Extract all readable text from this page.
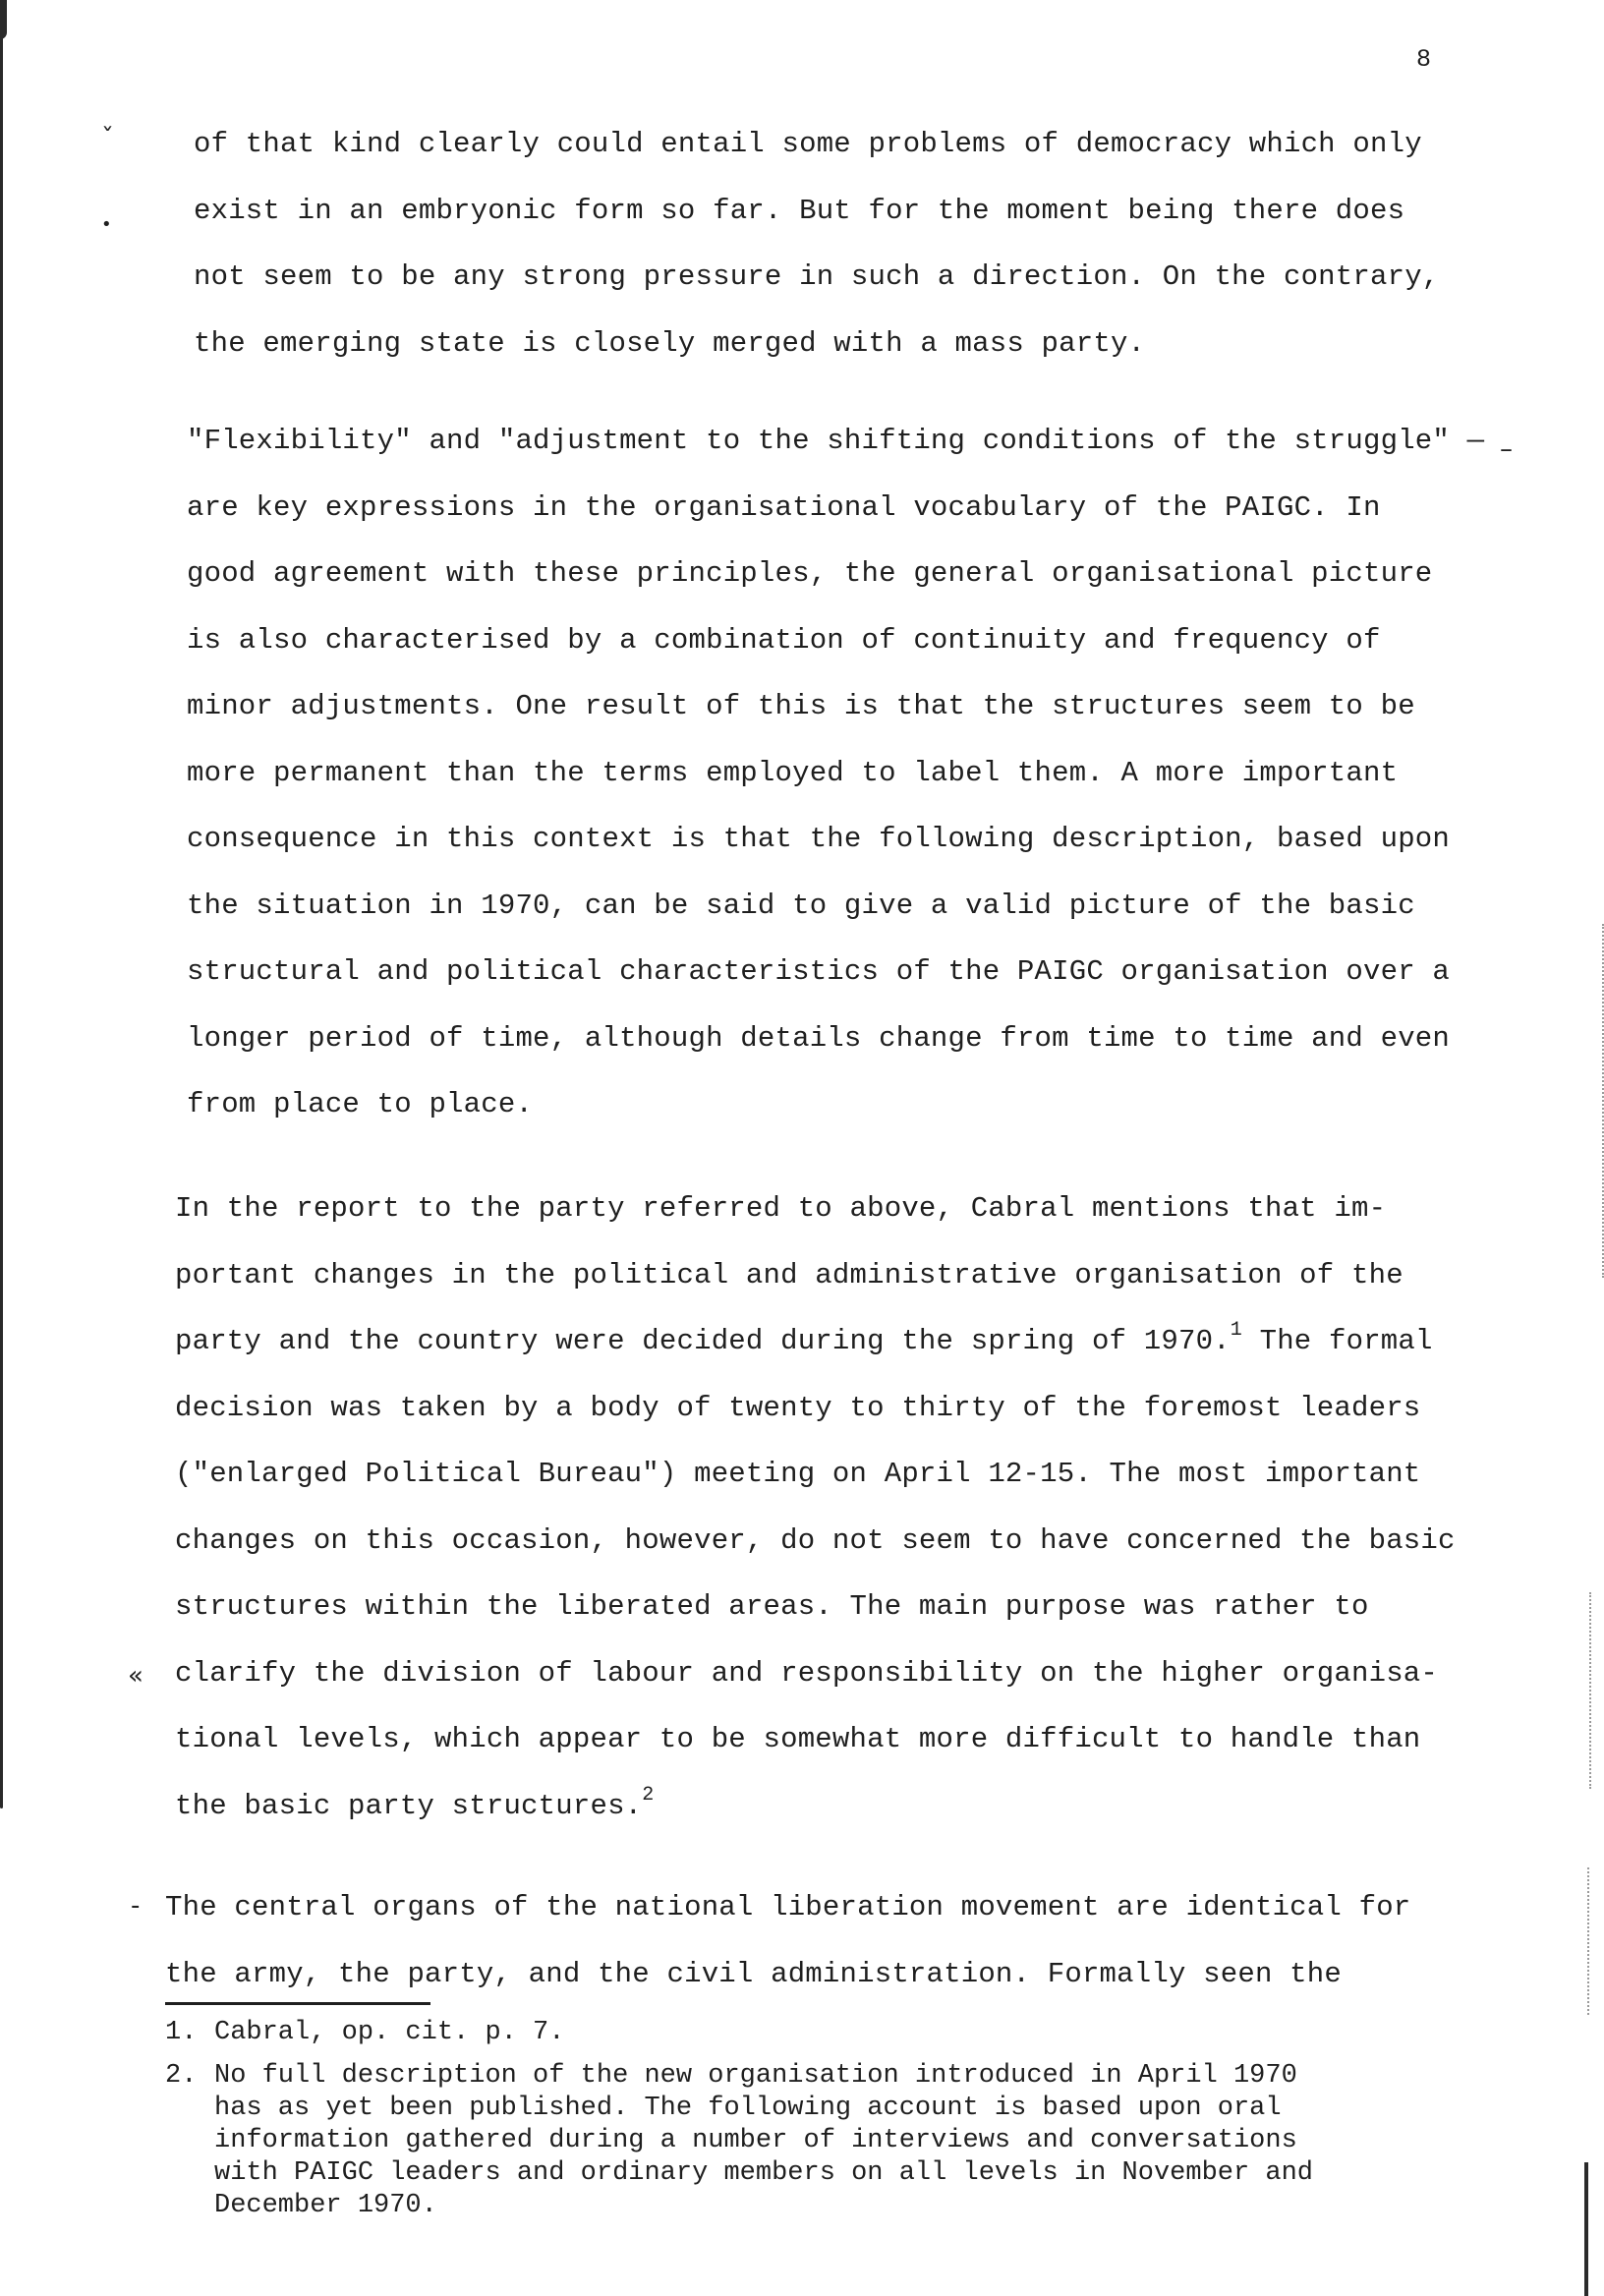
ˇ
•
–
«
-
8
of that kind clearly could entail some problems of democracy which only
exist in an embryonic form so far. But for the moment being there does
not seem to be any strong pressure in such a direction. On the contrary,
the emerging state is closely merged with a mass party.
"Flexibility" and "adjustment to the shifting conditions of the struggle" —
are key expressions in the organisational vocabulary of the PAIGC. In
good agreement with these principles, the general organisational picture
is also characterised by a combination of continuity and frequency of
minor adjustments. One result of this is that the structures seem to be
more permanent than the terms employed to label them. A more important
consequence in this context is that the following description, based upon
the situation in 1970, can be said to give a valid picture of the basic
structural and political characteristics of the PAIGC organisation over a
longer period of time, although details change from time to time and even
from place to place.
In the report to the party referred to above, Cabral mentions that im-
portant changes in the political and administrative organisation of the
party and the country were decided during the spring of 1970.$^1$ The formal
decision was taken by a body of twenty to thirty of the foremost leaders
("enlarged Political Bureau") meeting on April 12-15. The most important
changes on this occasion, however, do not seem to have concerned the basic
structures within the liberated areas. The main purpose was rather to
clarify the division of labour and responsibility on the higher organisa-
tional levels, which appear to be somewhat more difficult to handle than
the basic party structures.$^2$
The central organs of the national liberation movement are identical for
the army, the party, and the civil administration. Formally seen the
1. Cabral, op. cit. p. 7.
2. No full description of the new organisation introduced in April 1970
has as yet been published. The following account is based upon oral
information gathered during a number of interviews and conversations
with PAIGC leaders and ordinary members on all levels in November and
December 1970.
